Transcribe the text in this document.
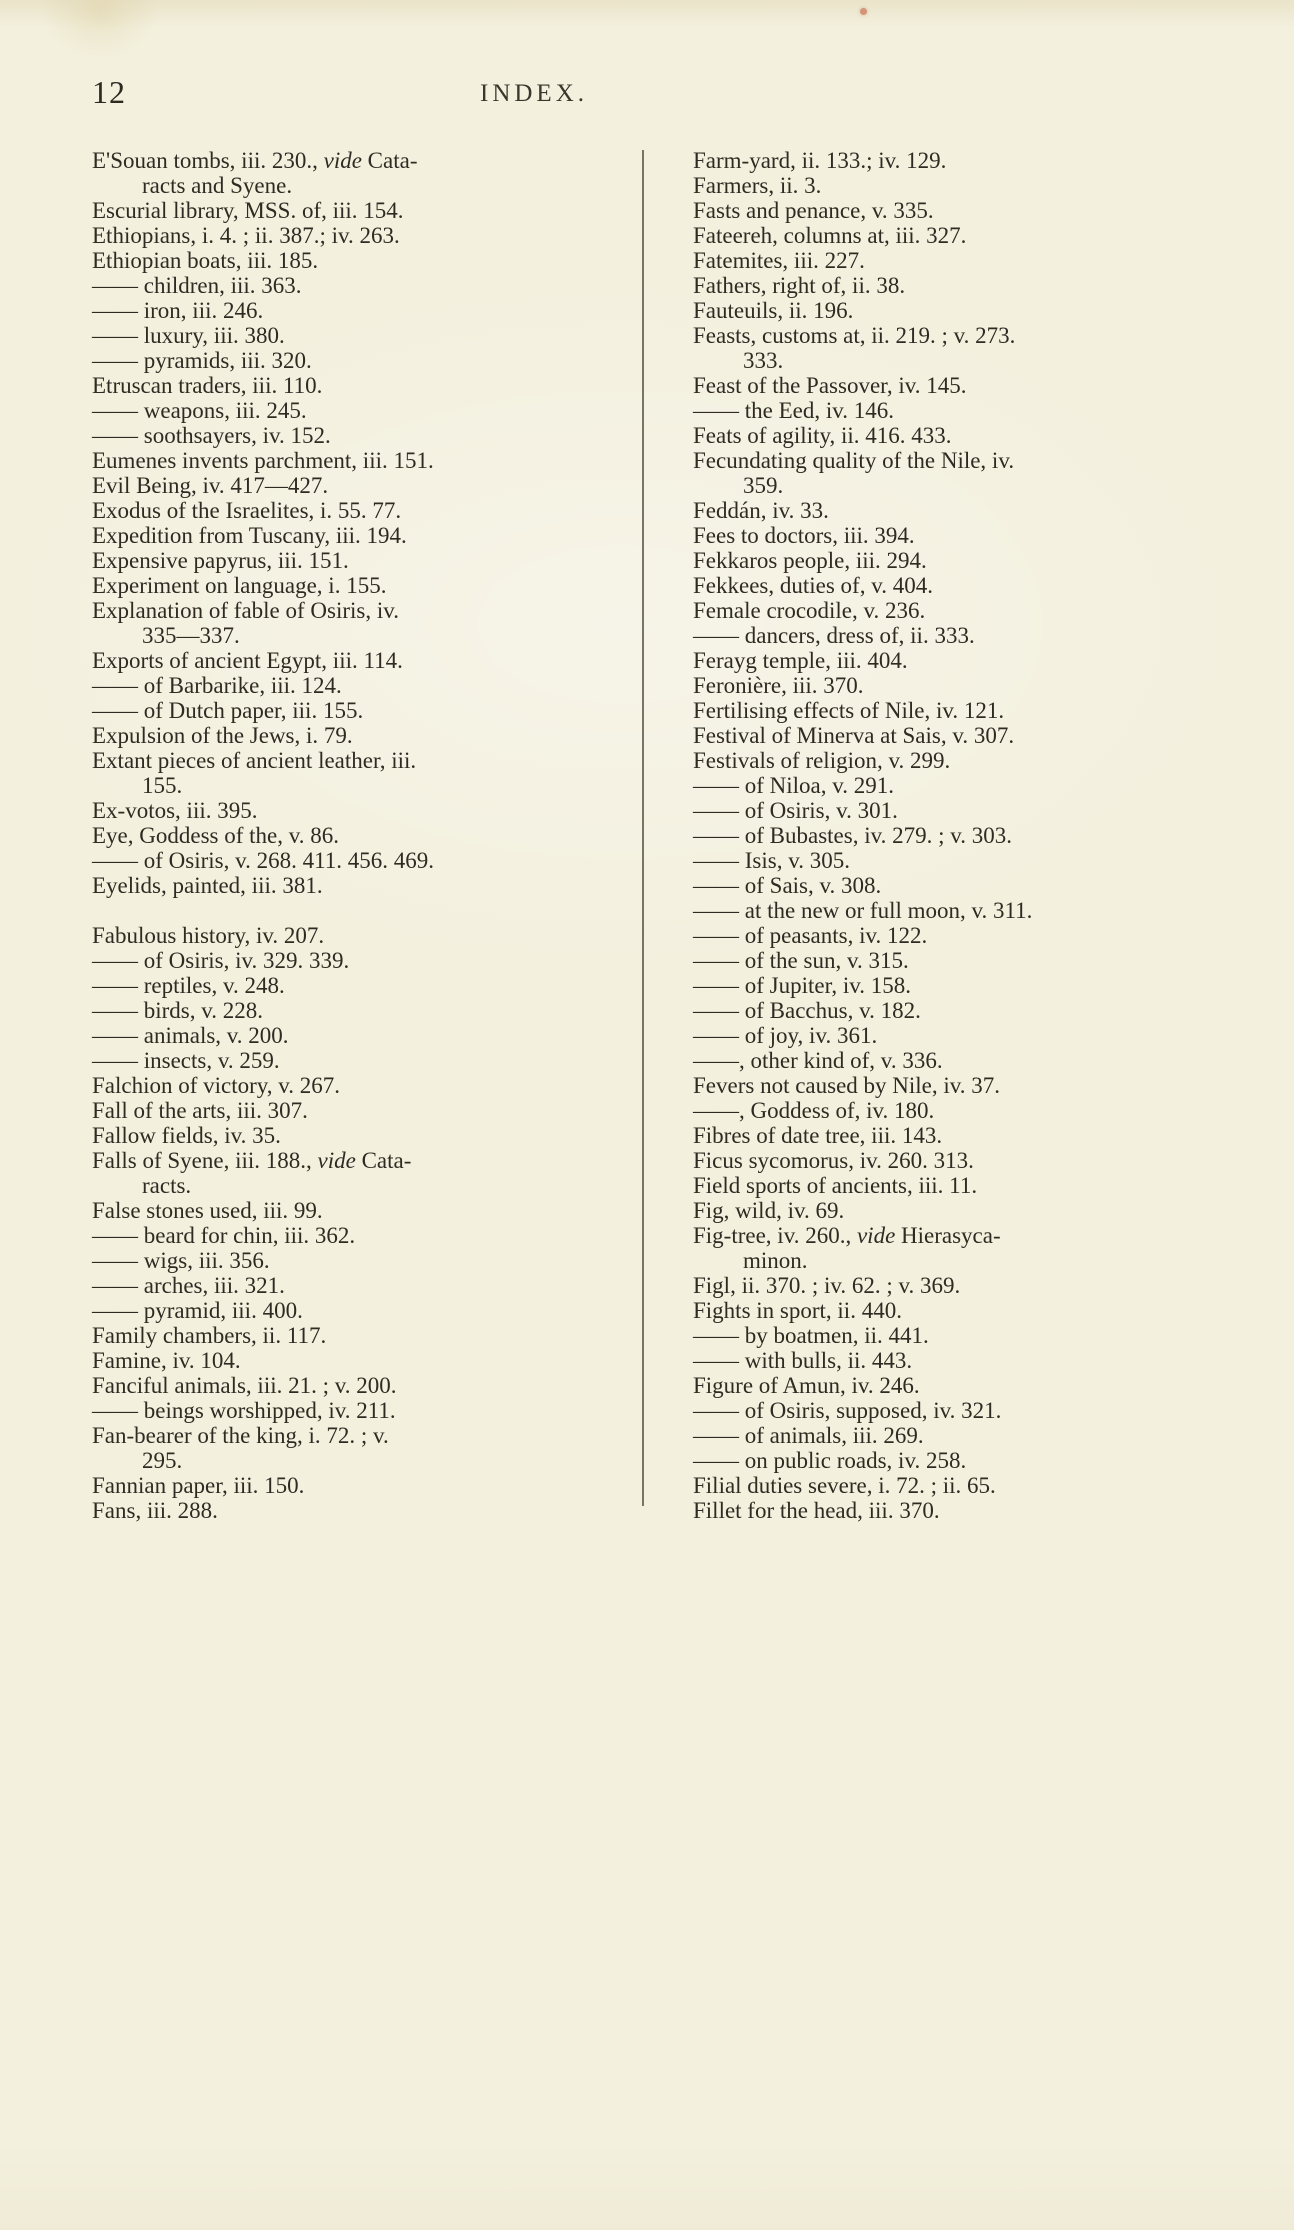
12	INDEX.
E'Souan tombs, iii. 230., vide Cata-
racts and Syene.
Escurial library, MSS. of, iii. 154.
Ethiopians, i. 4. ; ii. 387.; iv. 263.
Ethiopian boats, iii. 185.
—— children, iii. 363.
—— iron, iii. 246.
—— luxury, iii. 380.
—— pyramids, iii. 320.
Etruscan traders, iii. 110.
—— weapons, iii. 245.
—— soothsayers, iv. 152.
Eumenes invents parchment, iii. 151.
Evil Being, iv. 417—427.
Exodus of the Israelites, i. 55. 77.
Expedition from Tuscany, iii. 194.
Expensive papyrus, iii. 151.
Experiment on language, i. 155.
Explanation of fable of Osiris, iv.
335—337.
Exports of ancient Egypt, iii. 114.
—— of Barbarike, iii. 124.
—— of Dutch paper, iii. 155.
Expulsion of the Jews, i. 79.
Extant pieces of ancient leather, iii.
155.
Ex-votos, iii. 395.
Eye, Goddess of the, v. 86.
—— of Osiris, v. 268. 411. 456. 469.
Eyelids, painted, iii. 381.
Fabulous history, iv. 207.
—— of Osiris, iv. 329. 339.
—— reptiles, v. 248.
—— birds, v. 228.
—— animals, v. 200.
—— insects, v. 259.
Falchion of victory, v. 267.
Fall of the arts, iii. 307.
Fallow fields, iv. 35.
Falls of Syene, iii. 188., vide Cata-
racts.
False stones used, iii. 99.
—— beard for chin, iii. 362.
—— wigs, iii. 356.
—— arches, iii. 321.
—— pyramid, iii. 400.
Family chambers, ii. 117.
Famine, iv. 104.
Fanciful animals, iii. 21. ; v. 200.
—— beings worshipped, iv. 211.
Fan-bearer of the king, i. 72. ; v.
295.
Fannian paper, iii. 150.
Fans, iii. 288.
Farm-yard, ii. 133.; iv. 129.
Farmers, ii. 3.
Fasts and penance, v. 335.
Fateereh, columns at, iii. 327.
Fatemites, iii. 227.
Fathers, right of, ii. 38.
Fauteuils, ii. 196.
Feasts, customs at, ii. 219. ; v. 273.
333.
Feast of the Passover, iv. 145.
—— the Eed, iv. 146.
Feats of agility, ii. 416. 433.
Fecundating quality of the Nile, iv.
359.
Feddán, iv. 33.
Fees to doctors, iii. 394.
Fekkaros people, iii. 294.
Fekkees, duties of, v. 404.
Female crocodile, v. 236.
—— dancers, dress of, ii. 333.
Ferayg temple, iii. 404.
Feronière, iii. 370.
Fertilising effects of Nile, iv. 121.
Festival of Minerva at Sais, v. 307.
Festivals of religion, v. 299.
—— of Niloa, v. 291.
—— of Osiris, v. 301.
—— of Bubastes, iv. 279. ; v. 303.
—— Isis, v. 305.
—— of Sais, v. 308.
—— at the new or full moon, v. 311.
—— of peasants, iv. 122.
—— of the sun, v. 315.
—— of Jupiter, iv. 158.
—— of Bacchus, v. 182.
—— of joy, iv. 361.
——, other kind of, v. 336.
Fevers not caused by Nile, iv. 37.
——, Goddess of, iv. 180.
Fibres of date tree, iii. 143.
Ficus sycomorus, iv. 260. 313.
Field sports of ancients, iii. 11.
Fig, wild, iv. 69.
Fig-tree, iv. 260., vide Hierasyca-
minon.
Figl, ii. 370. ; iv. 62. ; v. 369.
Fights in sport, ii. 440.
—— by boatmen, ii. 441.
—— with bulls, ii. 443.
Figure of Amun, iv. 246.
—— of Osiris, supposed, iv. 321.
—— of animals, iii. 269.
—— on public roads, iv. 258.
Filial duties severe, i. 72. ; ii. 65.
Fillet for the head, iii. 370.
